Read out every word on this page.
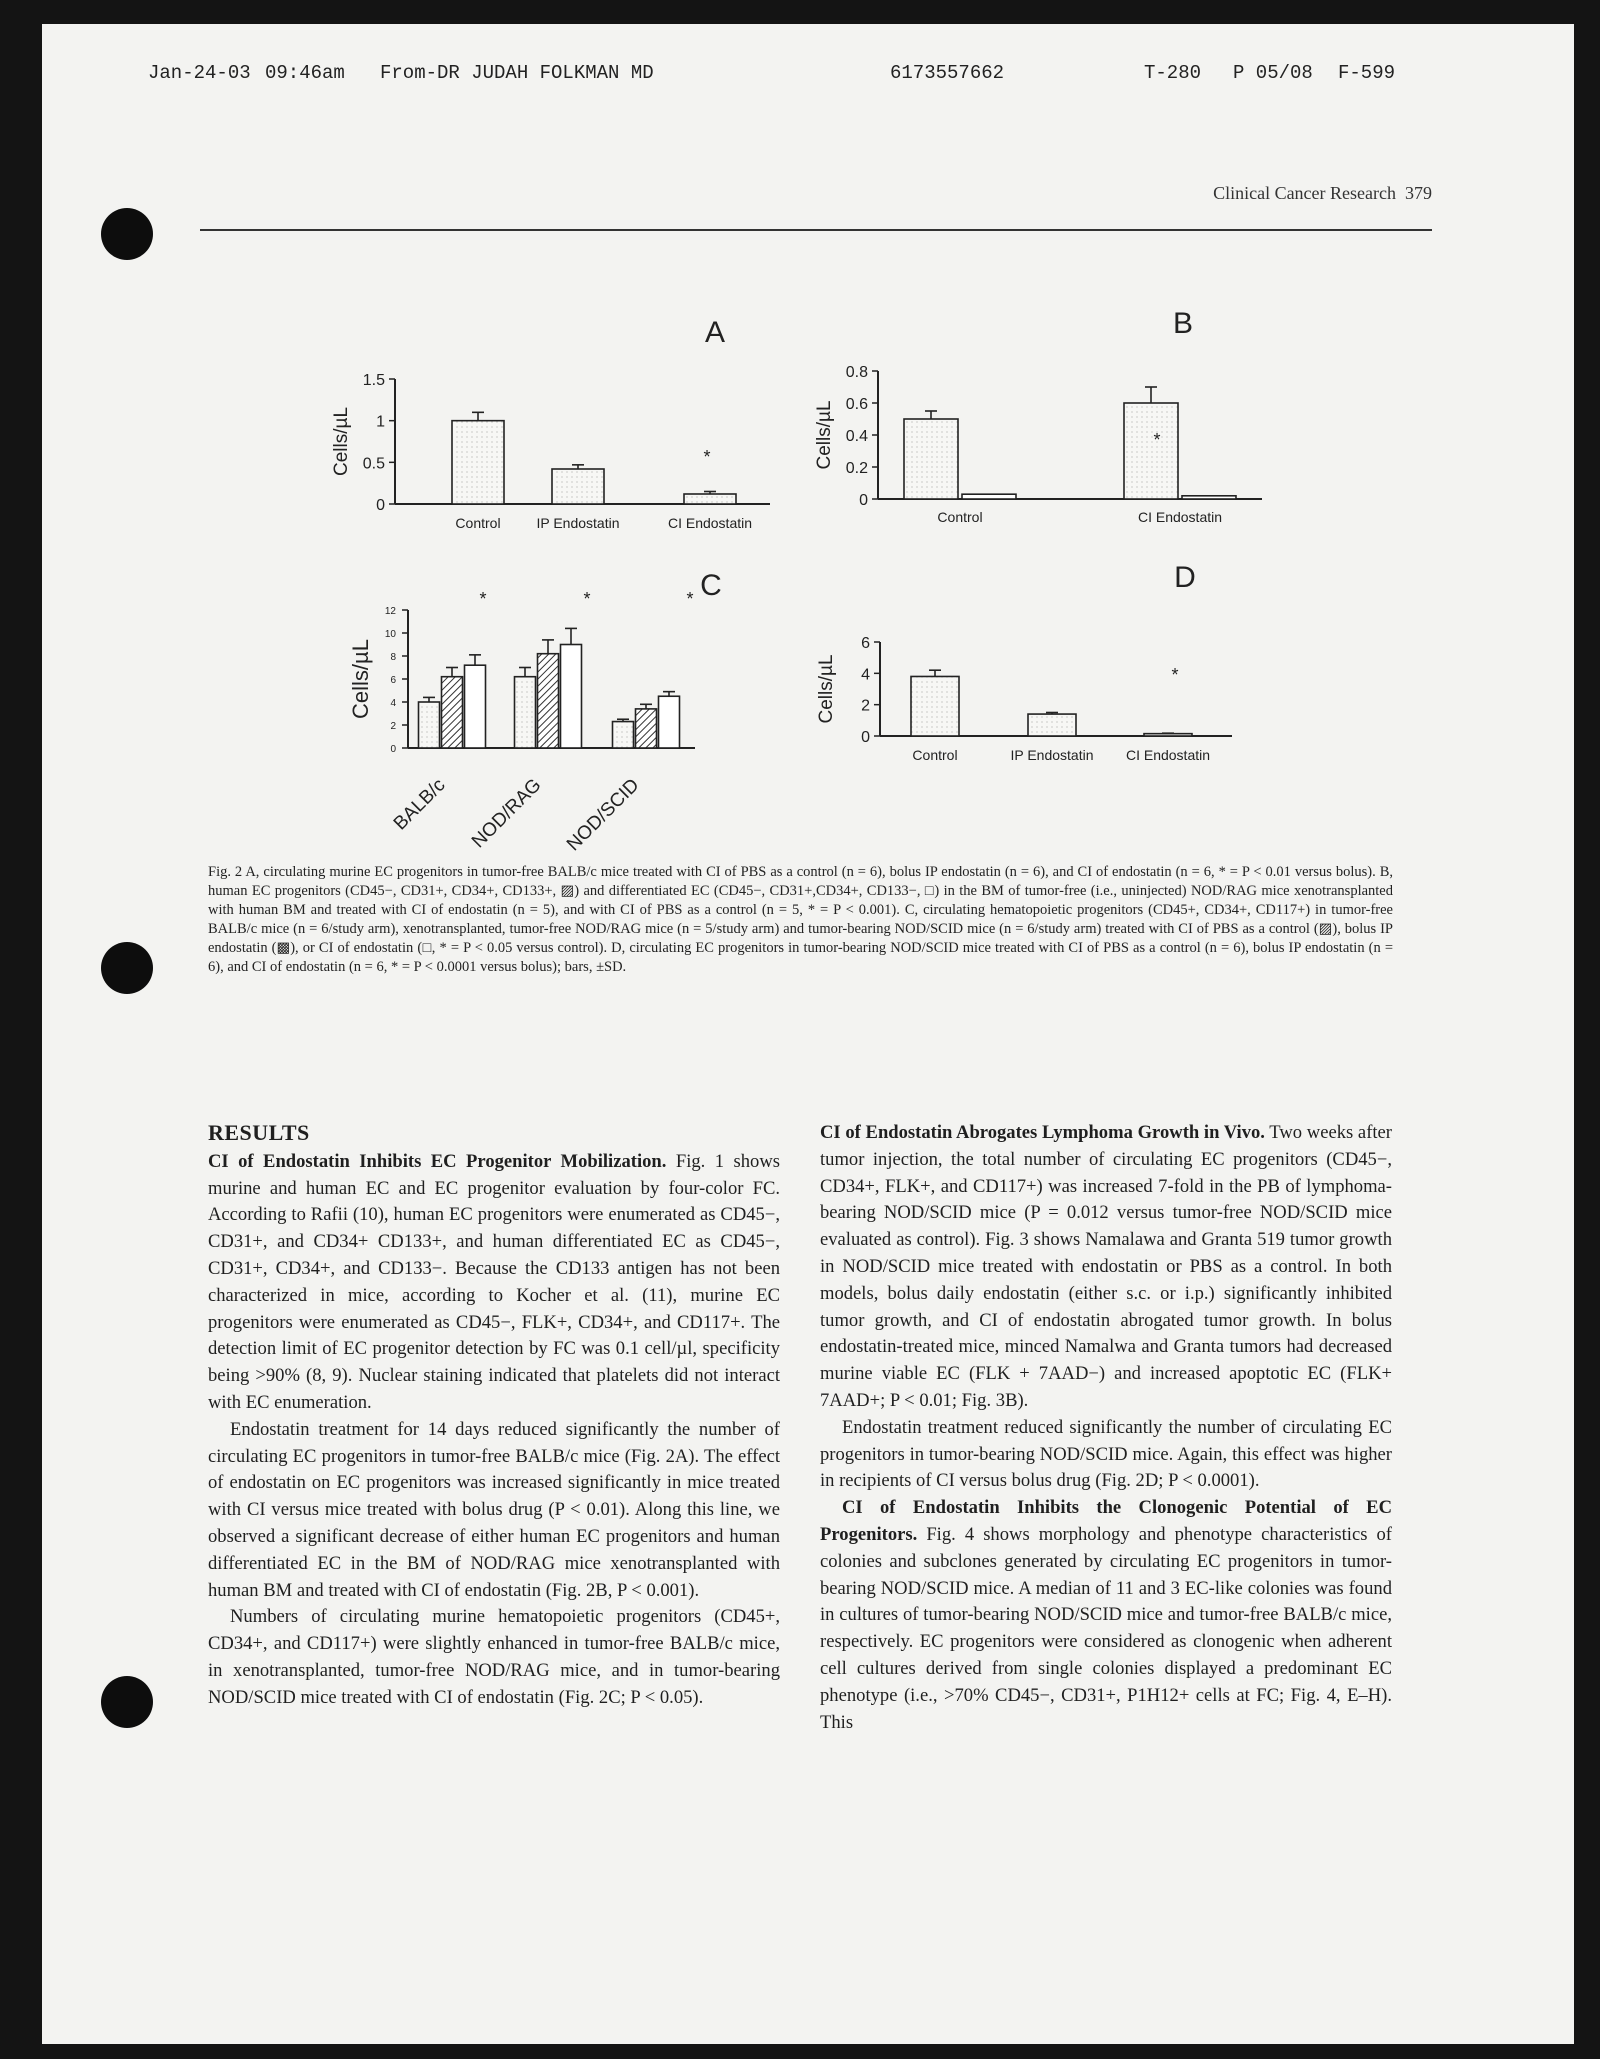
Jan-24-03 09:46am From-DR JUDAH FOLKMAN MD	6173557662	T-280 P 05/08 F-599
Clinical Cancer Research 379
A
0
0.5
1
1.5
Cells/µL
Control	IP Endostatin	CI Endostatin
*
B
0
0.2
0.4
0.6
0.8
Cells/µL
Control	CI Endostatin
*
C
0
2
4
6
8
10
12
Cells/µL
BALB/c NOD/RAG NOD/SCID
*	*	*
D
0
2
4
6
Cells/µL
Control	IP Endostatin CI Endostatin
*
Fig. 2 A, circulating murine EC progenitors in tumor-free BALB/c mice treated with CI of PBS as a control (n = 6), bolus IP endostatin (n = 6), and CI of endostatin (n = 6, * = P < 0.01 versus bolus). B, human EC progenitors (CD45−, CD31+, CD34+, CD133+, ▨) and differentiated EC (CD45−, CD31+,CD34+, CD133−, □) in the BM of tumor-free (i.e., uninjected) NOD/RAG mice xenotransplanted with human BM and treated with CI of endostatin (n = 5), and with CI of PBS as a control (n = 5, * = P < 0.001). C, circulating hematopoietic progenitors (CD45+, CD34+, CD117+) in tumor-free BALB/c mice (n = 6/study arm), xenotransplanted, tumor-free NOD/RAG mice (n = 5/study arm) and tumor-bearing NOD/SCID mice (n = 6/study arm) treated with CI of PBS as a control (▨), bolus IP endostatin (▩), or CI of endostatin (□, * = P < 0.05 versus control). D, circulating EC progenitors in tumor-bearing NOD/SCID mice treated with CI of PBS as a control (n = 6), bolus IP endostatin (n = 6), and CI of endostatin (n = 6, * = P < 0.0001 versus bolus); bars, ±SD.
RESULTS

CI of Endostatin Inhibits EC Progenitor Mobilization. Fig. 1 shows murine and human EC and EC progenitor evaluation by four-color FC. According to Rafii (10), human EC progenitors were enumerated as CD45−, CD31+, and CD34+ CD133+, and human differentiated EC as CD45−, CD31+, CD34+, and CD133−. Because the CD133 antigen has not been characterized in mice, according to Kocher et al. (11), murine EC progenitors were enumerated as CD45−, FLK+, CD34+, and CD117+. The detection limit of EC progenitor detection by FC was 0.1 cell/µl, specificity being >90% (8, 9). Nuclear staining indicated that platelets did not interact with EC enumeration.

Endostatin treatment for 14 days reduced significantly the number of circulating EC progenitors in tumor-free BALB/c mice (Fig. 2A). The effect of endostatin on EC progenitors was increased significantly in mice treated with CI versus mice treated with bolus drug (P < 0.01). Along this line, we observed a significant decrease of either human EC progenitors and human differentiated EC in the BM of NOD/RAG mice xenotransplanted with human BM and treated with CI of endostatin (Fig. 2B, P < 0.001).

Numbers of circulating murine hematopoietic progenitors (CD45+, CD34+, and CD117+) were slightly enhanced in tumor-free BALB/c mice, in xenotransplanted, tumor-free NOD/RAG mice, and in tumor-bearing NOD/SCID mice treated with CI of endostatin (Fig. 2C; P < 0.05).

CI of Endostatin Abrogates Lymphoma Growth in Vivo. Two weeks after tumor injection, the total number of circulating EC progenitors (CD45−, CD34+, FLK+, and CD117+) was increased 7-fold in the PB of lymphoma-bearing NOD/SCID mice (P = 0.012 versus tumor-free NOD/SCID mice evaluated as control). Fig. 3 shows Namalawa and Granta 519 tumor growth in NOD/SCID mice treated with endostatin or PBS as a control. In both models, bolus daily endostatin (either s.c. or i.p.) significantly inhibited tumor growth, and CI of endostatin abrogated tumor growth. In bolus endostatin-treated mice, minced Namalwa and Granta tumors had decreased murine viable EC (FLK + 7AAD−) and increased apoptotic EC (FLK+ 7AAD+; P < 0.01; Fig. 3B).

Endostatin treatment reduced significantly the number of circulating EC progenitors in tumor-bearing NOD/SCID mice. Again, this effect was higher in recipients of CI versus bolus drug (Fig. 2D; P < 0.0001).

CI of Endostatin Inhibits the Clonogenic Potential of EC Progenitors. Fig. 4 shows morphology and phenotype characteristics of colonies and subclones generated by circulating EC progenitors in tumor-bearing NOD/SCID mice. A median of 11 and 3 EC-like colonies was found in cultures of tumor-bearing NOD/SCID mice and tumor-free BALB/c mice, respectively. EC progenitors were considered as clonogenic when adherent cell cultures derived from single colonies displayed a predominant EC phenotype (i.e., >70% CD45−, CD31+, P1H12+ cells at FC; Fig. 4, E–H). This
